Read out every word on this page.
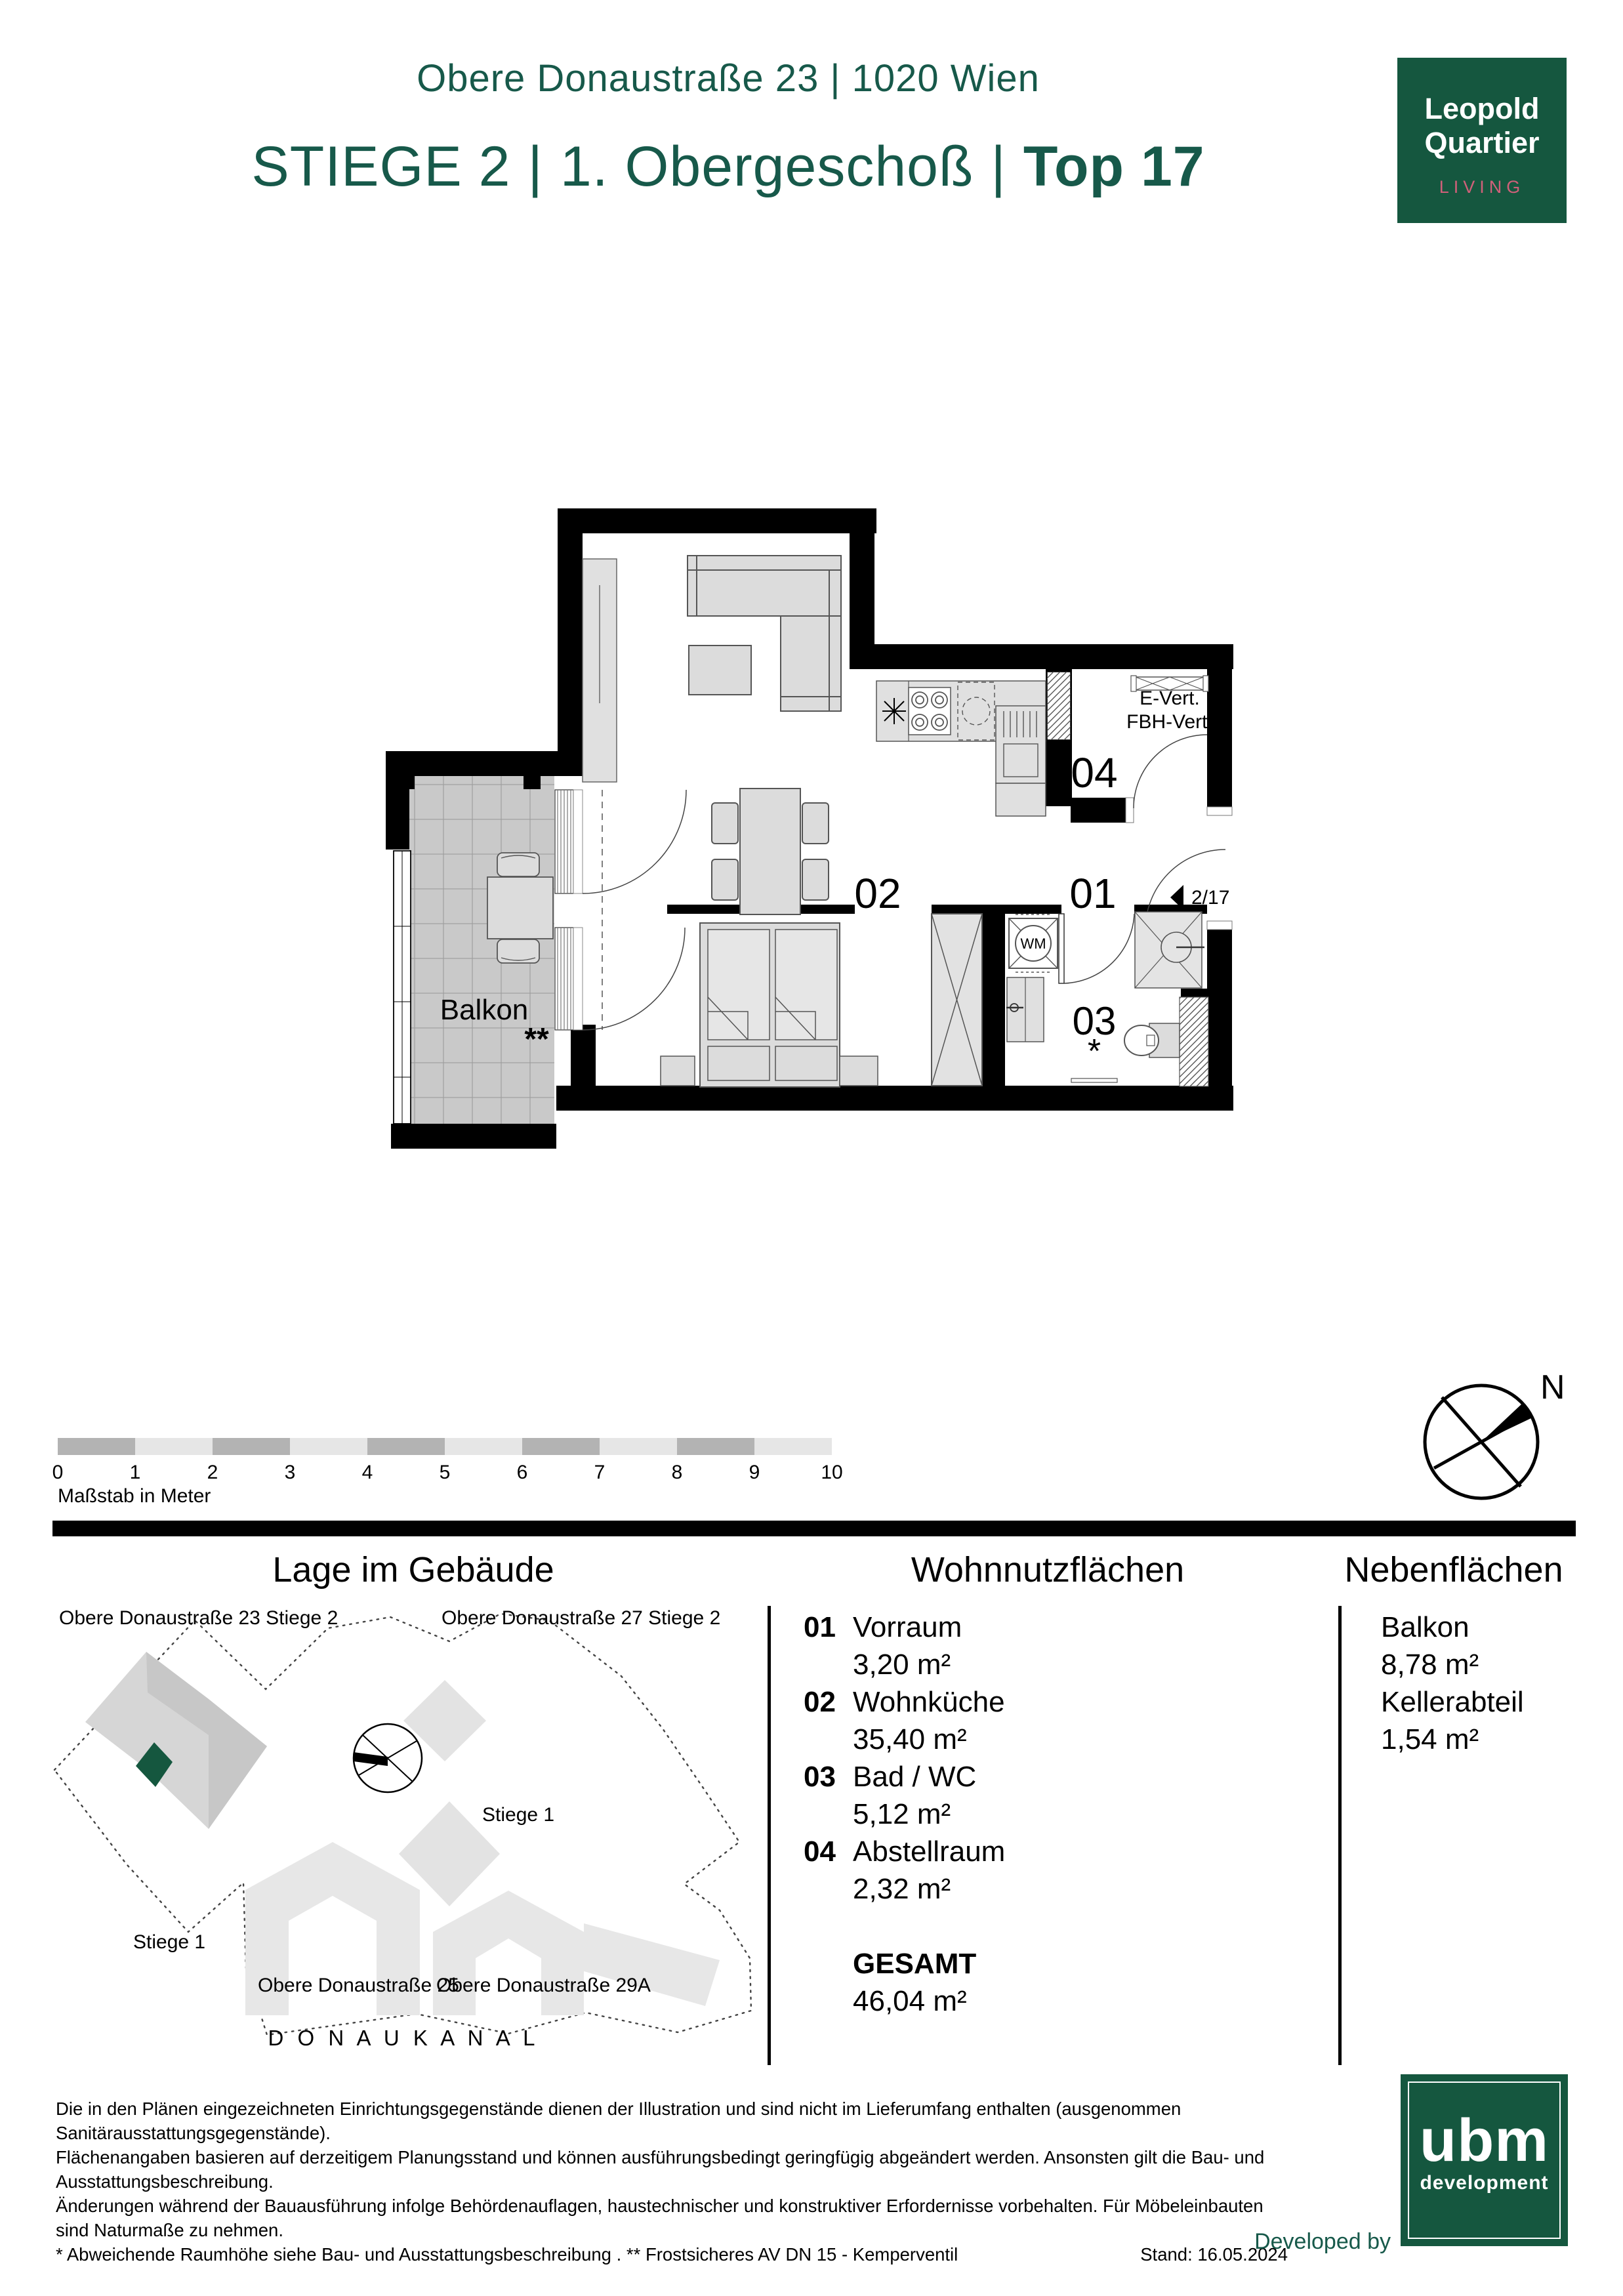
Obere Donaustraße 23 | 1020 Wien
STIEGE 2 | 1. Obergeschoß | Top 17
Leopold
Quartier
LIVING
02	01
04
03
*
Balkon
**
E-Vert.
FBH-Vert.
WM
2/17
0	1	2	3	4	5	6	7	8	9	10
Maßstab in Meter
N
Lage im Gebäude	Wohnnutzflächen	Nebenflächen
Obere Donaustraße 23 Stiege 2	Obere Donaustraße 27 Stiege 2
Stiege 1
Stiege 1
Obere Donaustraße 25
Obere Donaustraße 29A
D O N A U K A N A L
01 Vorraum
3,20 m²
02 Wohnküche
35,40 m²
03 Bad / WC
5,12 m²
04 Abstellraum
2,32 m²
GESAMT
46,04 m²
Balkon
8,78 m²
Kellerabteil
1,54 m²
Die in den Plänen eingezeichneten Einrichtungsgegenstände dienen der Illustration und sind nicht im Lieferumfang enthalten (ausgenommen Sanitärausstattungsgegenstände).
Flächenangaben basieren auf derzeitigem Planungsstand und können ausführungsbedingt geringfügig abgeändert werden. Ansonsten gilt die Bau- und Ausstattungsbeschreibung.
Änderungen während der Bauausführung infolge Behördenauflagen, haustechnischer und konstruktiver Erfordernisse vorbehalten. Für Möbeleinbauten sind Naturmaße zu nehmen.
* Abweichende Raumhöhe siehe Bau- und Ausstattungsbeschreibung . ** Frostsicheres AV DN 15 - Kemperventil	Stand: 16.05.2024
Developed by
ubm
development
